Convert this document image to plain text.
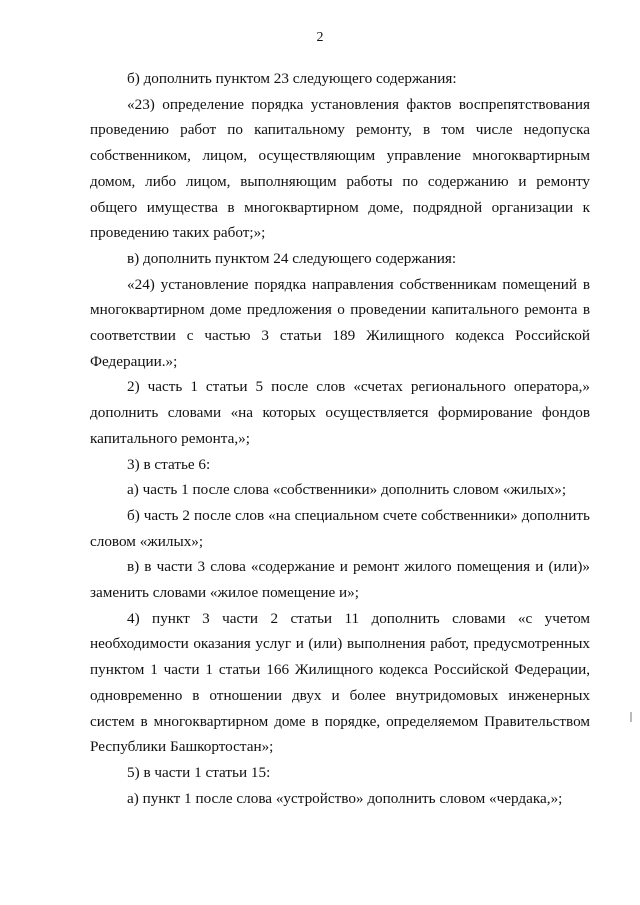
2

б) дополнить пунктом 23 следующего содержания:

«23) определение порядка установления фактов воспрепятствования проведению работ по капитальному ремонту, в том числе недопуска собственником, лицом, осуществляющим управление многоквартирным домом, либо лицом, выполняющим работы по содержанию и ремонту общего имущества в многоквартирном доме, подрядной организации к проведению таких работ;»;

в) дополнить пунктом 24 следующего содержания:

«24) установление порядка направления собственникам помещений в многоквартирном доме предложения о проведении капитального ремонта в соответствии с частью 3 статьи 189 Жилищного кодекса Российской Федерации.»;

2) часть 1 статьи 5 после слов «счетах регионального оператора,» дополнить словами «на которых осуществляется формирование фондов капитального ремонта,»;

3) в статье 6:

а) часть 1 после слова «собственники» дополнить словом «жилых»;

б) часть 2 после слов «на специальном счете собственники» дополнить словом «жилых»;

в) в части 3 слова «содержание и ремонт жилого помещения и (или)» заменить словами «жилое помещение и»;

4) пункт 3 части 2 статьи 11 дополнить словами «с учетом необходимости оказания услуг и (или) выполнения работ, предусмотренных пунктом 1 части 1 статьи 166 Жилищного кодекса Российской Федерации, одновременно в отношении двух и более внутридомовых инженерных систем в многоквартирном доме в порядке, определяемом Правительством Республики Башкортостан»;

5) в части 1 статьи 15:

а) пункт 1 после слова «устройство» дополнить словом «чердака,»;
